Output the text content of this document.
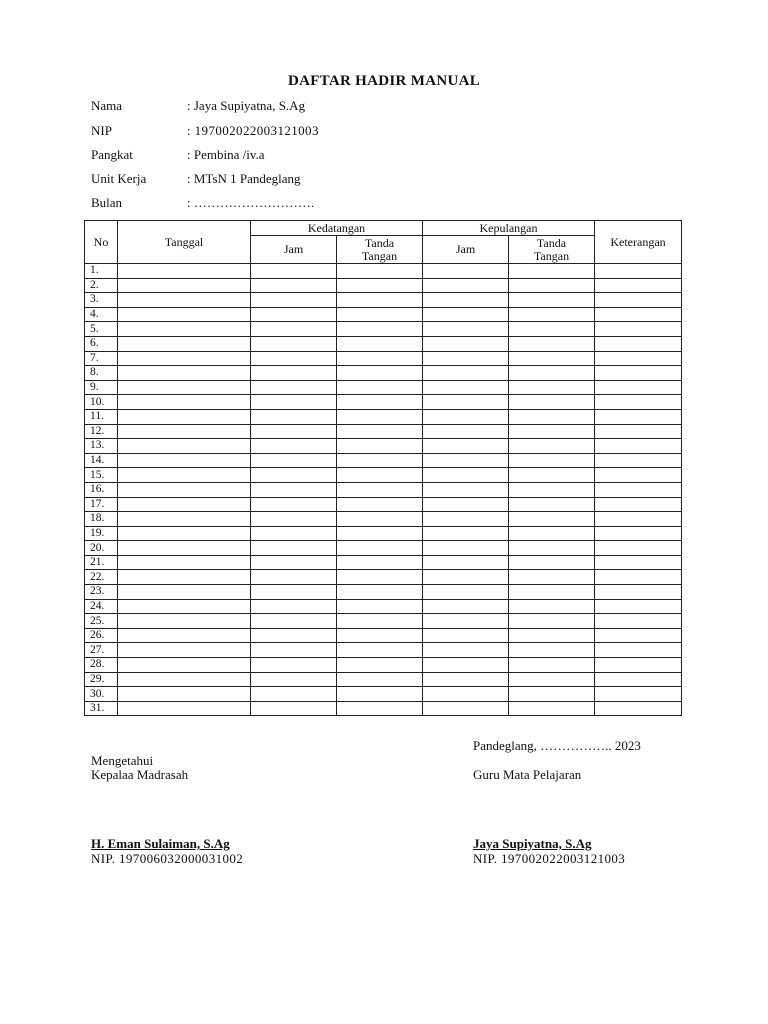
DAFTAR HADIR MANUAL
Nama	: Jaya Supiyatna, S.Ag
NIP	: 197002022003121003
Pangkat	: Pembina /iv.a
Unit Kerja	: MTsN 1 Pandeglang
Bulan	: ……………………….
No	Tanggal	Kedatangan		Kepulangan		Keterangan
		Jam	Tanda Tangan	Jam	Tanda Tangan	
1.						
2.						
3.						
4.						
5.						
6.						
7.						
8.						
9.						
10.						
11.						
12.						
13.						
14.						
15.						
16.						
17.						
18.						
19.						
20.						
21.						
22.						
23.						
24.						
25.						
26.						
27.						
28.						
29.						
30.						
31.						
Pandeglang, …………….. 2023
Mengetahui
Kepalaa Madrasah	Guru Mata Pelajaran
H. Eman Sulaiman, S.Ag
NIP. 197006032000031002
Jaya Supiyatna, S.Ag
NIP. 197002022003121003
